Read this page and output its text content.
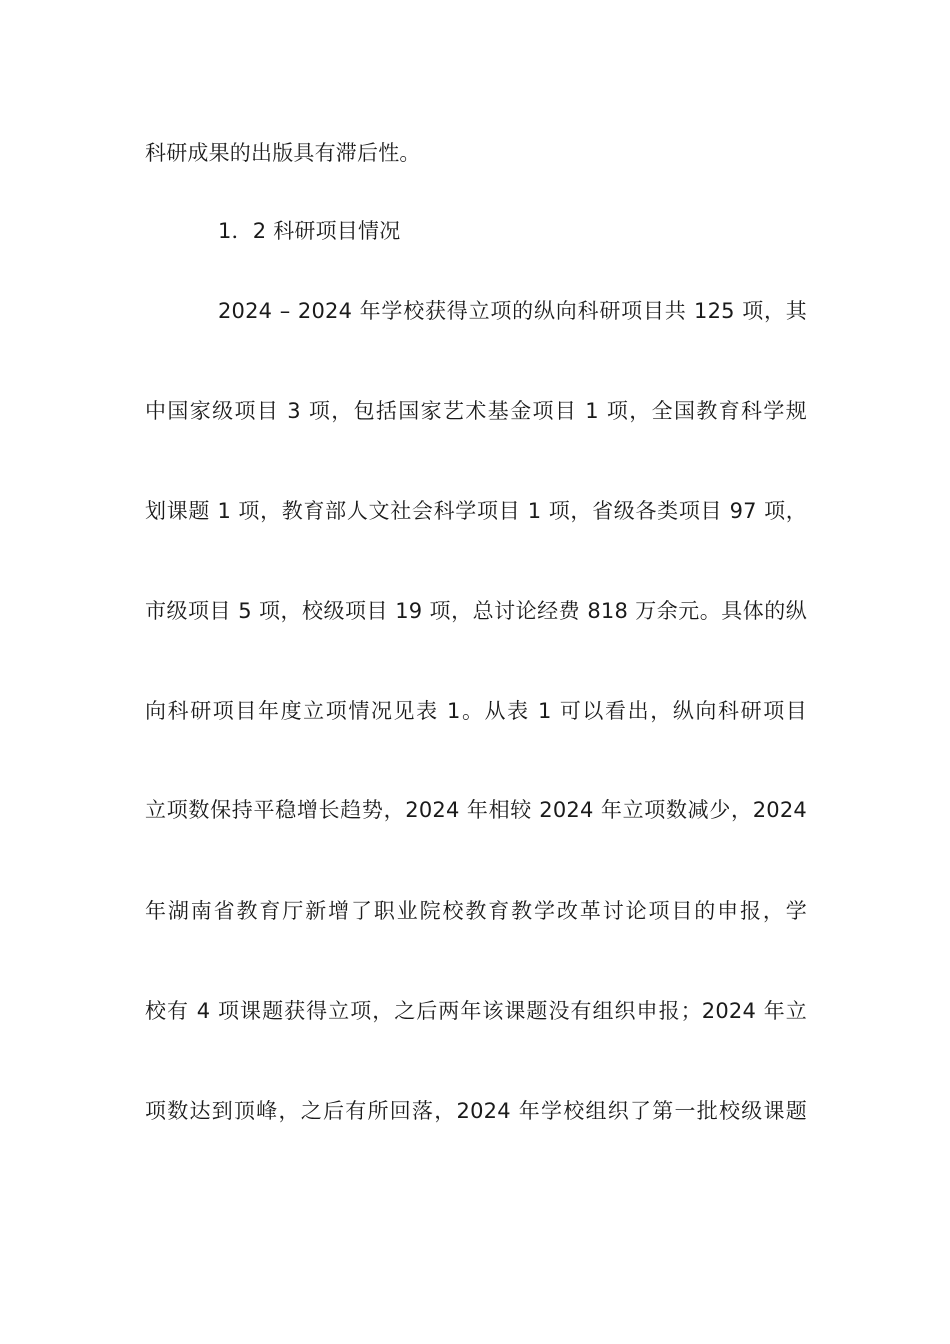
科研成果的出版具有滞后性。
1．2 科研项目情况
2024 – 2024 年学校获得立项的纵向科研项目共 125 项，其
中国家级项目 3 项，包括国家艺术基金项目 1 项，全国教育科学规
划课题 1 项，教育部人文社会科学项目 1 项，省级各类项目 97 项，
市级项目 5 项，校级项目 19 项，总讨论经费 818 万余元。具体的纵
向科研项目年度立项情况见表 1。从表 1 可以看出，纵向科研项目
立项数保持平稳增长趋势，2024 年相较 2024 年立项数减少，2024
年湖南省教育厅新增了职业院校教育教学改革讨论项目的申报，学
校有 4 项课题获得立项，之后两年该课题没有组织申报；2024 年立
项数达到顶峰，之后有所回落，2024 年学校组织了第一批校级课题
